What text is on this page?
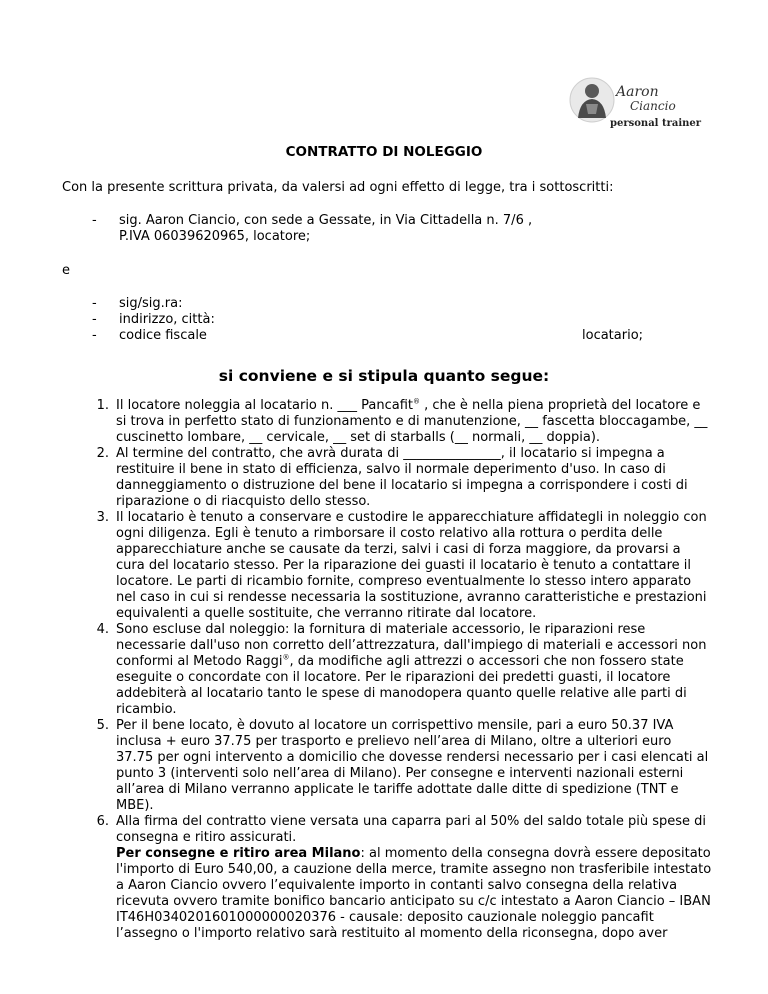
Aaron
Ciancio
personal trainer
CONTRATTO DI NOLEGGIO
Con la presente scrittura privata, da valersi ad ogni effetto di legge, tra i sottoscritti:
- sig. Aaron Ciancio, con sede a Gessate, in Via Cittadella n. 7/6 ,
P.IVA 06039620965, locatore;
e
- sig/sig.ra:
- indirizzo, città:
- codice fiscale	locatario;
si conviene e si stipula quanto segue:
1. Il locatore noleggia al locatario n. ___ Pancafit® , che è nella piena proprietà del locatore e si trova in perfetto stato di funzionamento e di manutenzione, __ fascetta bloccagambe, __ cuscinetto lombare, __ cervicale, __ set di starballs (__ normali, __ doppia).
2. Al termine del contratto, che avrà durata di _______________, il locatario si impegna a restituire il bene in stato di efficienza, salvo il normale deperimento d'uso. In caso di danneggiamento o distruzione del bene il locatario si impegna a corrispondere i costi di riparazione o di riacquisto dello stesso.
3. Il locatario è tenuto a conservare e custodire le apparecchiature affidategli in noleggio con ogni diligenza. Egli è tenuto a rimborsare il costo relativo alla rottura o perdita delle apparecchiature anche se causate da terzi, salvi i casi di forza maggiore, da provarsi a cura del locatario stesso. Per la riparazione dei guasti il locatario è tenuto a contattare il locatore. Le parti di ricambio fornite, compreso eventualmente lo stesso intero apparato nel caso in cui si rendesse necessaria la sostituzione, avranno caratteristiche e prestazioni equivalenti a quelle sostituite, che verranno ritirate dal locatore.
4. Sono escluse dal noleggio: la fornitura di materiale accessorio, le riparazioni rese necessarie dall'uso non corretto dell’attrezzatura, dall'impiego di materiali e accessori non conformi al Metodo Raggi®, da modifiche agli attrezzi o accessori che non fossero state eseguite o concordate con il locatore. Per le riparazioni dei predetti guasti, il locatore addebiterà al locatario tanto le spese di manodopera quanto quelle relative alle parti di ricambio.
5. Per il bene locato, è dovuto al locatore un corrispettivo mensile, pari a euro 50.37 IVA inclusa + euro 37.75 per trasporto e prelievo nell’area di Milano, oltre a ulteriori euro 37.75 per ogni intervento a domicilio che dovesse rendersi necessario per i casi elencati al punto 3 (interventi solo nell’area di Milano). Per consegne e interventi nazionali esterni all’area di Milano verranno applicate le tariffe adottate dalle ditte di spedizione (TNT e MBE).
6. Alla firma del contratto viene versata una caparra pari al 50% del saldo totale più spese di consegna e ritiro assicurati.
Per consegne e ritiro area Milano: al momento della consegna dovrà essere depositato l'importo di Euro 540,00, a cauzione della merce, tramite assegno non trasferibile intestato a Aaron Ciancio ovvero l’equivalente importo in contanti salvo consegna della relativa ricevuta ovvero tramite bonifico bancario anticipato su c/c intestato a Aaron Ciancio – IBAN IT46H0340201601000000020376 - causale: deposito cauzionale noleggio pancafit l’assegno o l'importo relativo sarà restituito al momento della riconsegna, dopo aver
